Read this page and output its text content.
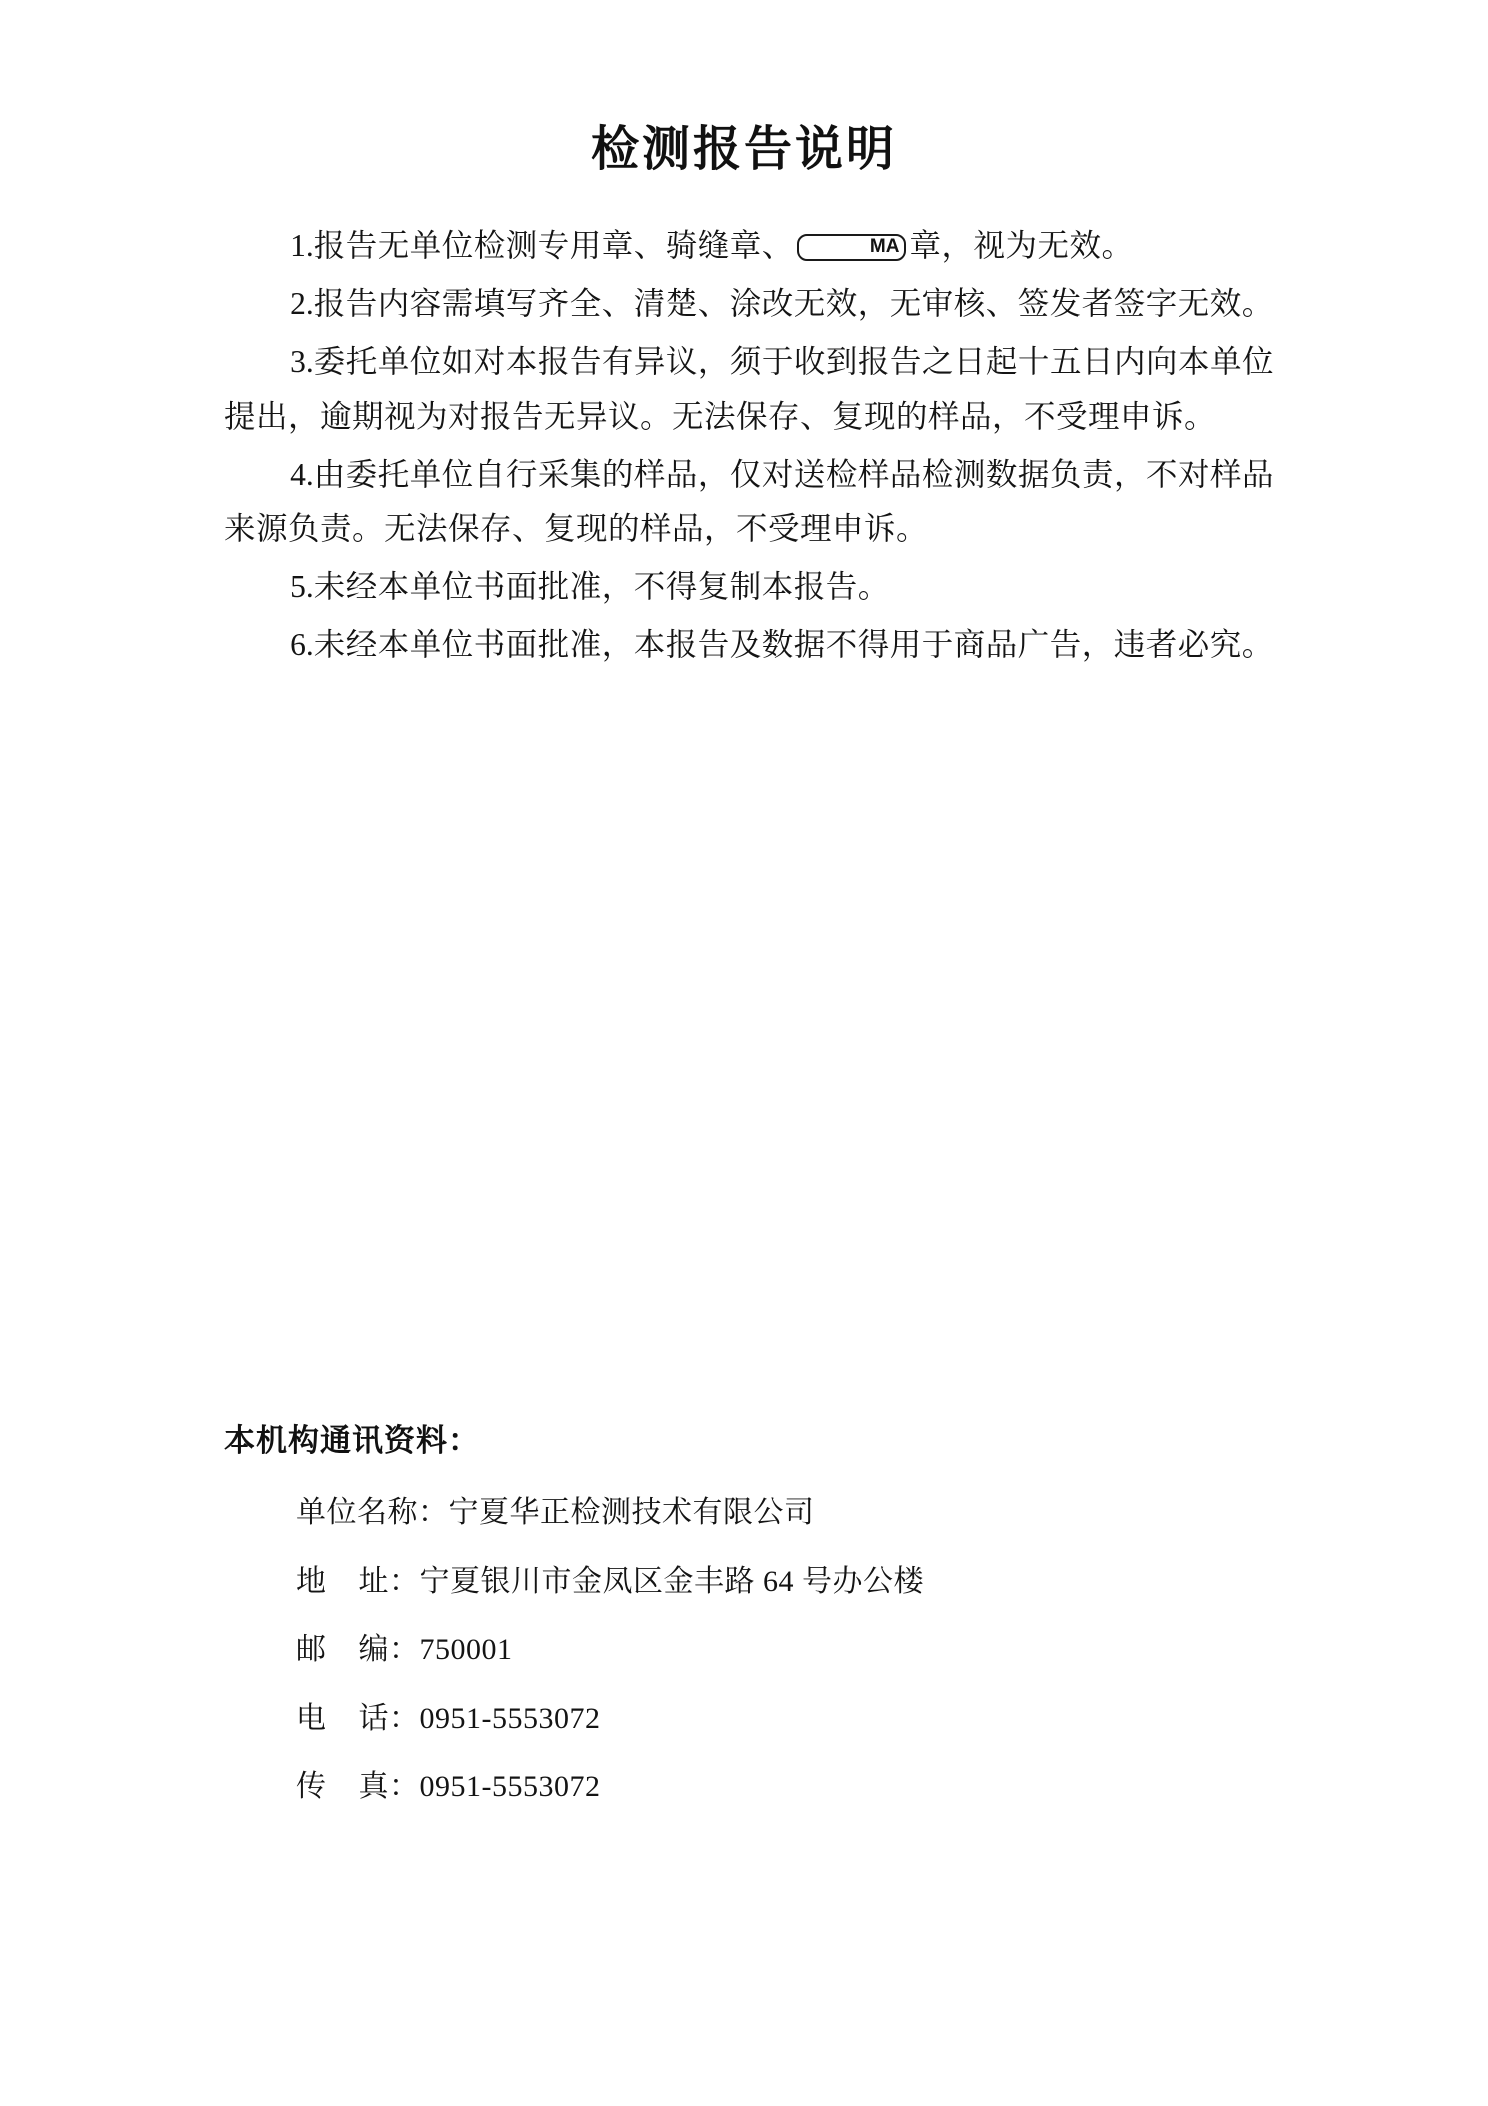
检测报告说明

1.报告无单位检测专用章、骑缝章、	MA 章，视为无效。

2.报告内容需填写齐全、清楚、涂改无效，无审核、签发者签字无效。

3.委托单位如对本报告有异议，须于收到报告之日起十五日内向本单位提出，逾期视为对报告无异议。无法保存、复现的样品，不受理申诉。

4.由委托单位自行采集的样品，仅对送检样品检测数据负责，不对样品来源负责。无法保存、复现的样品，不受理申诉。

5.未经本单位书面批准，不得复制本报告。

6.未经本单位书面批准，本报告及数据不得用于商品广告，违者必究。

本机构通讯资料：
单位名称：宁夏华正检测技术有限公司
地    址：宁夏银川市金凤区金丰路 64 号办公楼
邮    编：750001
电    话：0951-5553072
传    真：0951-5553072
